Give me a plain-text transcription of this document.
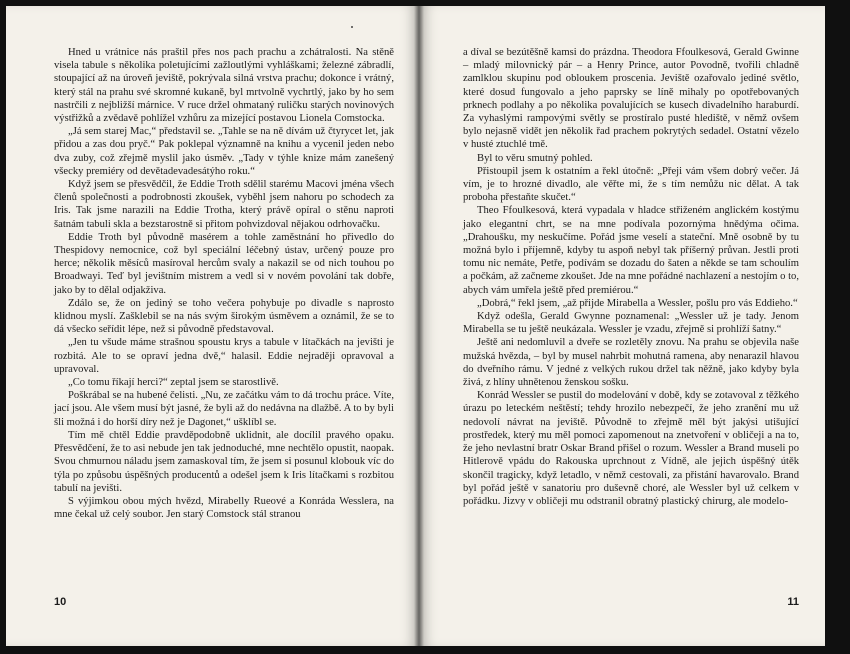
Hned u vrátnice nás praštil přes nos pach prachu a zchátralosti. Na stěně visela tabule s několika poletujícími zažloutlými vyhláškami; železné zábradlí, stoupající až na úroveň jeviště, pokrývala silná vrstva prachu; dokonce i vrátný, který stál na prahu své skromné kukaně, byl mrtvolně vychrtlý, jako by ho sem nastrčili z nejbližší márnice. V ruce držel ohmataný ruličku starých novinových výstřižků a zvědavě pohlížel vzhůru za mizející postavou Lionela Comstocka.

„Já sem starej Mac,“ představil se. „Tahle se na ně dívám už čtyrycet let, jak přidou a zas dou pryč.“ Pak poklepal významně na knihu a vycenil jeden nebo dva zuby, což zřejmě myslil jako úsměv. „Tady v týhle knize mám zanešený všecky premiéry od devětadevadesátýho roku.“

Když jsem se přesvědčil, že Eddie Troth sdělil starému Macovi jména všech členů společnosti a podrobnosti zkoušek, vyběhl jsem nahoru po schodech za Iris. Tak jsme narazili na Eddie Trotha, který právě opíral o stěnu naproti šatnám tabuli skla a bezstarostně si přitom pohvizdoval nějakou odrhovačku.

Eddie Troth byl původně masérem a tohle zaměstnání ho přivedlo do Thespidovy nemocnice, což byl speciální léčebný ústav, určený pouze pro herce; několik měsíců masíroval hercům svaly a nakazil se od nich touhou po Broadwayi. Teď byl jevištním mistrem a vedl si v novém povolání tak dobře, jako by to dělal odjakživa.

Zdálo se, že on jediný se toho večera pohybuje po divadle s naprosto klidnou myslí. Zašklebil se na nás svým širokým úsměvem a oznámil, že se to dá všecko seřídit lépe, než si původně představoval.

„Jen tu všude máme strašnou spoustu krys a tabule v lítačkách na jevišti je rozbitá. Ale to se opraví jedna dvě,“ halasil. Eddie nejraději opravoval a upravoval.

„Co tomu říkají herci?“ zeptal jsem se starostlivě.

Poškrábal se na hubené čelisti. „Nu, ze začátku vám to dá trochu práce. Víte, jací jsou. Ale všem musí být jasné, že byli až do nedávna na dlažbě. A to by byli šli možná i do horší díry než je Dagonet,“ ušklíbl se.

Tím mě chtěl Eddie pravděpodobně uklidnit, ale docílil pravého opaku. Přesvědčení, že to asi nebude jen tak jednoduché, mne nechtělo opustit, naopak. Svou chmurnou náladu jsem zamaskoval tím, že jsem si posunul klobouk víc do týla po způsobu úspěšných producentů a odešel jsem k Iris lítačkami s rozbitou tabulí na jevišti.

S výjimkou obou mých hvězd, Mirabelly Rueové a Konráda Wesslera, na mne čekal už celý soubor. Jen starý Comstock stál stranou

10

a díval se bezútěšně kamsi do prázdna. Theodora Ffoulkesová, Gerald Gwinne – mladý milovnický pár – a Henry Prince, autor Povodně, tvořili chladně zamlklou skupinu pod obloukem proscenia. Jeviště ozařovalo jediné světlo, které dosud fungovalo a jeho paprsky se líně mihaly po opotřebovaných prknech podlahy a po několika povalujících se kusech divadelního haraburdí. Za vyhaslými rampovými světly se prostíralo pusté hlediště, v němž ovšem bylo nejasně vidět jen několik řad prachem pokrytých sedadel. Ostatní vězelo v husté ztuchlé tmě.

Byl to věru smutný pohled.

Přistoupil jsem k ostatním a řekl útočně: „Přeji vám všem dobrý večer. Já vím, je to hrozné divadlo, ale věřte mi, že s tím nemůžu nic dělat. A tak proboha přestaňte skučet.“

Theo Ffoulkesová, která vypadala v hladce střiženém anglickém kostýmu jako elegantní chrt, se na mne podívala pozornýma hnědýma očima. „Drahoušku, my neskučíme. Pořád jsme veselí a stateční. Mně osobně by tu možná bylo i příjemně, kdyby tu aspoň nebyl tak příšerný průvan. Jestli proti tomu nic nemáte, Petře, podívám se dozadu do šaten a někde se tam schoulím a počkám, až začneme zkoušet. Jde na mne pořádné nachlazení a nestojím o to, abych vám umřela ještě před premiérou.“

„Dobrá,“ řekl jsem, „až přijde Mirabella a Wessler, pošlu pro vás Eddieho.“

Když odešla, Gerald Gwynne poznamenal: „Wessler už je tady. Jenom Mirabella se tu ještě neukázala. Wessler je vzadu, zřejmě si prohlíží šatny.“

Ještě ani nedomluvil a dveře se rozletěly znovu. Na prahu se objevila naše mužská hvězda, – byl by musel nahrbit mohutná ramena, aby nenarazil hlavou do dveřního rámu. V jedné z velkých rukou držel tak něžně, jako kdyby byla živá, z hlíny uhnětenou ženskou sošku.

Konrád Wessler se pustil do modelování v době, kdy se zotavoval z těžkého úrazu po leteckém neštěstí; tehdy hrozilo nebezpečí, že jeho zranění mu už nedovolí návrat na jeviště. Původně to zřejmě měl být jakýsi utišující prostředek, který mu měl pomoci zapomenout na znetvoření v obličeji a na to, že jeho nevlastní bratr Oskar Brand přišel o rozum. Wessler a Brand museli po Hitlerově vpádu do Rakouska uprchnout z Vídně, ale jejich úspěšný útěk skončil tragicky, když letadlo, v němž cestovali, za přistání havarovalo. Brand byl pořád ještě v sanatoriu pro duševně choré, ale Wessler byl už celkem v pořádku. Jizvy v obličeji mu odstranil obratný plastický chirurg, ale modelo-

11
